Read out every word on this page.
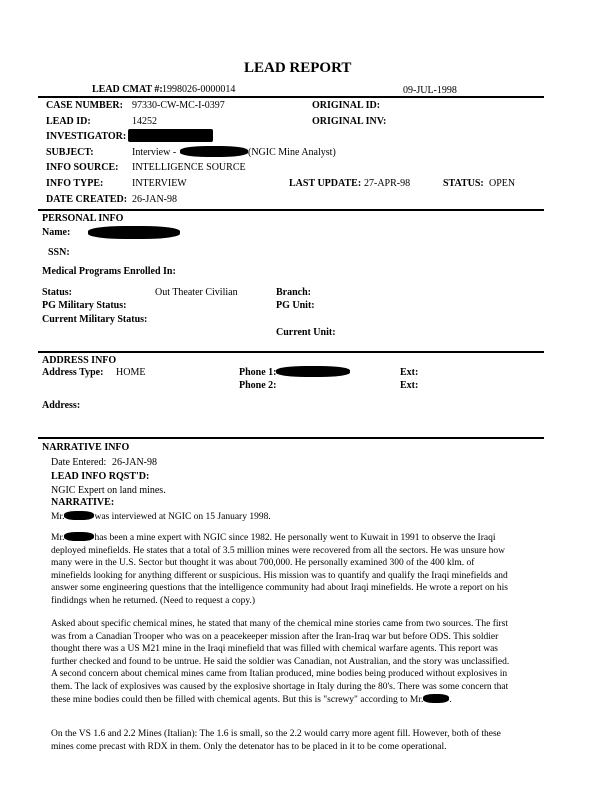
LEAD REPORT
LEAD CMAT #: 1998026-0000014	09-JUL-1998
CASE NUMBER: 97330-CW-MC-I-0397	ORIGINAL ID:
LEAD ID:	14252	ORIGINAL INV:
INVESTIGATOR:
SUBJECT:	Interview -	(NGIC Mine Analyst)
INFO SOURCE: INTELLIGENCE SOURCE
INFO TYPE:	INTERVIEW	LAST UPDATE: 27-APR-98	STATUS: OPEN
DATE CREATED: 26-JAN-98
PERSONAL INFO
Name:
SSN:
Medical Programs Enrolled In:
Status:	Out Theater Civilian	Branch:
PG Military Status:	PG Unit:
Current Military Status:
Current Unit:
ADDRESS INFO
Address Type: HOME	Phone 1:	Ext:
Phone 2:	Ext:
Address:
NARRATIVE INFO
Date Entered: 26-JAN-98
LEAD INFO RQST'D:
NGIC Expert on land mines.
NARRATIVE:
Mr.	was interviewed at NGIC on 15 January 1998.
Mr.	has been a mine expert with NGIC since 1982. He personally went to Kuwait in 1991 to observe the Iraqi deployed minefields. He states that a total of 3.5 million mines were recovered from all the sectors. He was unsure how many were in the U.S. Sector but thought it was about 700,000. He personally examined 300 of the 400 klm. of minefields looking for anything different or suspicious. His mission was to quantify and qualify the Iraqi minefields and answer some engineering questions that the intelligence community had about Iraqi minefields. He wrote a report on his findidngs when he returned. (Need to request a copy.)
Asked about specific chemical mines, he stated that many of the chemical mine stories came from two sources. The first was from a Canadian Trooper who was on a peacekeeper mission after the Iran-Iraq war but before ODS. This soldier thought there was a US M21 mine in the Iraqi minefield that was filled with chemical warfare agents. This report was further checked and found to be untrue. He said the soldier was Canadian, not Australian, and the story was unclassified. A second concern about chemical mines came from Italian produced, mine bodies being produced without explosives in them. The lack of explosives was caused by the explosive shortage in Italy during the 80's. There was some concern that these mine bodies could then be filled with chemical agents. But this is "screwy" according to Mr.	.
On the VS 1.6 and 2.2 Mines (Italian): The 1.6 is small, so the 2.2 would carry more agent fill. However, both of these mines come precast with RDX in them. Only the detenator has to be placed in it to be come operational.
